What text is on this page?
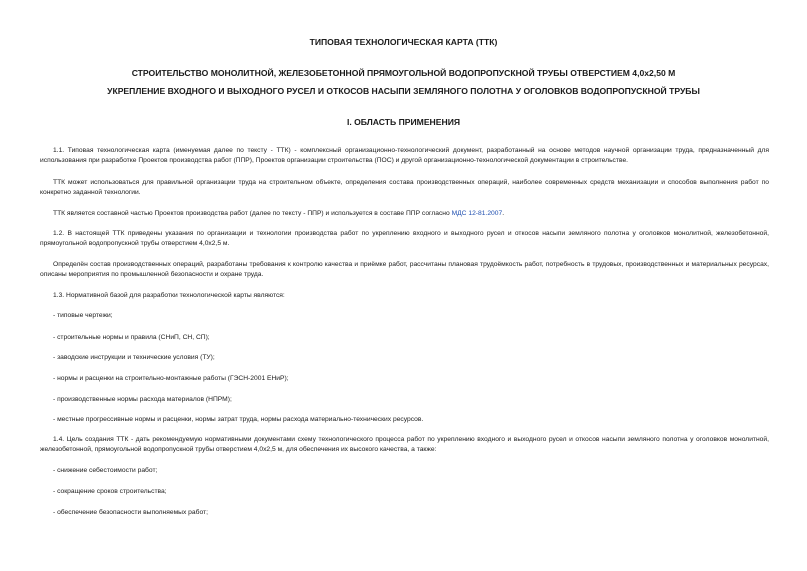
ТИПОВАЯ ТЕХНОЛОГИЧЕСКАЯ КАРТА (ТТК)
СТРОИТЕЛЬСТВО МОНОЛИТНОЙ, ЖЕЛЕЗОБЕТОННОЙ ПРЯМОУГОЛЬНОЙ ВОДОПРОПУСКНОЙ ТРУБЫ ОТВЕРСТИЕМ 4,0х2,50 М
УКРЕПЛЕНИЕ ВХОДНОГО И ВЫХОДНОГО РУСЕЛ И ОТКОСОВ НАСЫПИ ЗЕМЛЯНОГО ПОЛОТНА У ОГОЛОВКОВ ВОДОПРОПУСКНОЙ ТРУБЫ
I. ОБЛАСТЬ ПРИМЕНЕНИЯ
1.1. Типовая технологическая карта (именуемая далее по тексту - ТТК) - комплексный организационно-технологический документ, разработанный на основе методов научной организации труда, предназначенный для использования при разработке Проектов производства работ (ППР), Проектов организации строительства (ПОС) и другой организационно-технологической документации в строительстве.
ТТК может использоваться для правильной организации труда на строительном объекте, определения состава производственных операций, наиболее современных средств механизации и способов выполнения работ по конкретно заданной технологии.
ТТК является составной частью Проектов производства работ (далее по тексту - ППР) и используется в составе ППР согласно МДС 12-81.2007.
1.2. В настоящей ТТК приведены указания по организации и технологии производства работ по укреплению входного и выходного русел и откосов насыпи земляного полотна у оголовков монолитной, железобетонной, прямоугольной водопропускной трубы отверстием 4,0х2,5 м.
Определён состав производственных операций, разработаны требования к контролю качества и приёмке работ, рассчитаны плановая трудоёмкость работ, потребность в трудовых, производственных и материальных ресурсах, описаны мероприятия по промышленной безопасности и охране труда.
1.3. Нормативной базой для разработки технологической карты являются:
- типовые чертежи;
- строительные нормы и правила (СНиП, СН, СП);
- заводские инструкции и технические условия (ТУ);
- нормы и расценки на строительно-монтажные работы (ГЭСН-2001 ЕНиР);
- производственные нормы расхода материалов (НПРМ);
- местные прогрессивные нормы и расценки, нормы затрат труда, нормы расхода материально-технических ресурсов.
1.4. Цель создания ТТК - дать рекомендуемую нормативными документами схему технологического процесса работ по укреплению входного и выходного русел и откосов насыпи земляного полотна у оголовков монолитной, железобетонной, прямоугольной водопропускной трубы отверстием 4,0х2,5 м, для обеспечения их высокого качества, а также:
- снижение себестоимости работ;
- сокращение сроков строительства;
- обеспечение безопасности выполняемых работ;
